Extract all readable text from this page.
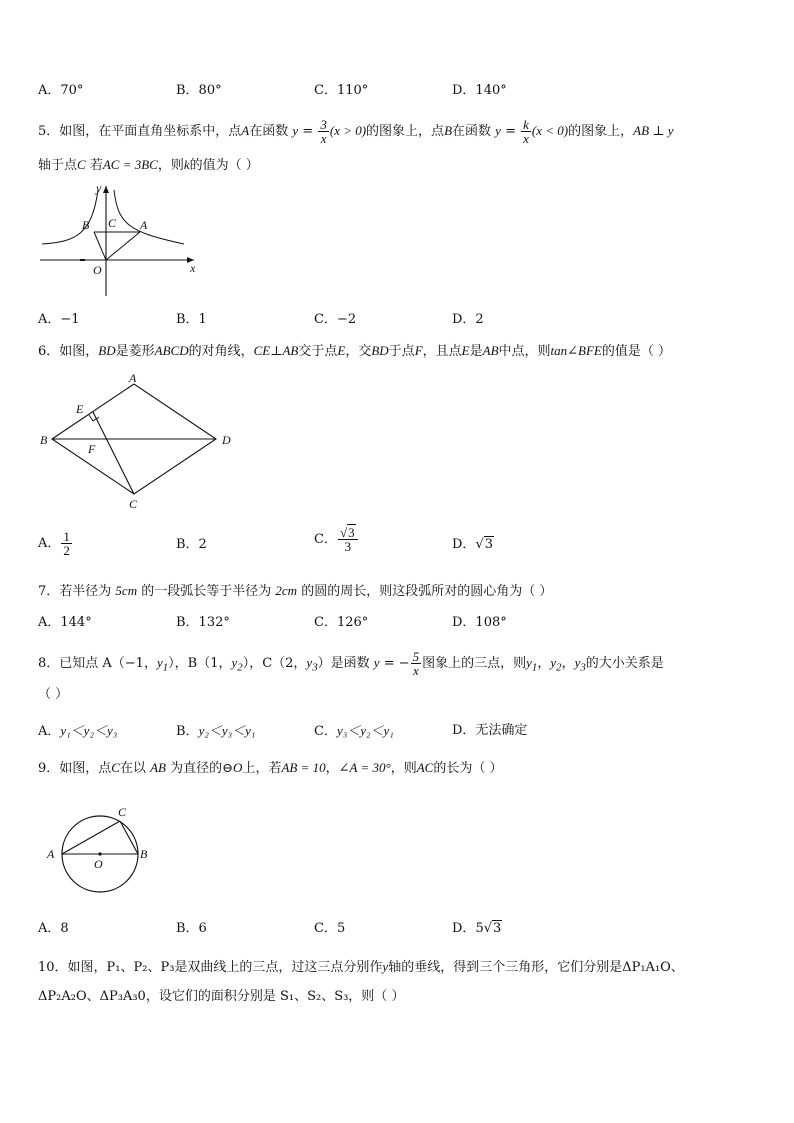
A．70°	B．80°	C．110°	D．140°
5．如图，在平面直角坐标系中，点A在函数 $y = \frac{3}{x} (x > 0)$的图象上，点B在函数 $y = \frac{k}{x} (x < 0)$的图象上，AB ⊥ y
轴于点C 若AC = 3BC，则k的值为（ ）
y
x
B C A
O
A．−1	B．1	C．−2	D．2
6．如图，BD是菱形ABCD的对角线，CE⊥AB交于点E，交BD于点F，且点E是AB中点，则tan∠BFE的值是（ ）
A
E
B
F
D
C
A． $\frac{1}{2}$	B．2	C． $\frac{√3}{3}$	D．√3
7．若半径为 5cm 的一段弧长等于半径为 2cm 的圆的周长，则这段弧所对的圆心角为（ ）
A．144°	B．132°	C．126°	D．108°
8．已知点 A（−1，$y_1$），B（1，$y_2$），C（2，$y_3$）是函数 y = − $\frac{5}{x}$ 图象上的三点，则$y_1$，$y_2$，$y_3$的大小关系是
（ ）
A．y₁＜y₂＜y₃	B．y₂＜y₃＜y₁	C．y₃＜y₂＜y₁	D．无法确定
9．如图，点C在以 AB 为直径的⊖O上，若AB = 10，∠A = 30°，则AC的长为（ ）
C
A
O
B
A．8	B．6	C．5	D．5√3
10．如图，P₁、P₂、P₃是双曲线上的三点，过这三点分别作y轴的垂线，得到三个三角形，它们分别是ΔP₁A₁O、
ΔP₂A₂O、ΔP₃A₃0，设它们的面积分别是 S₁、S₂、S₃，则（ ）
